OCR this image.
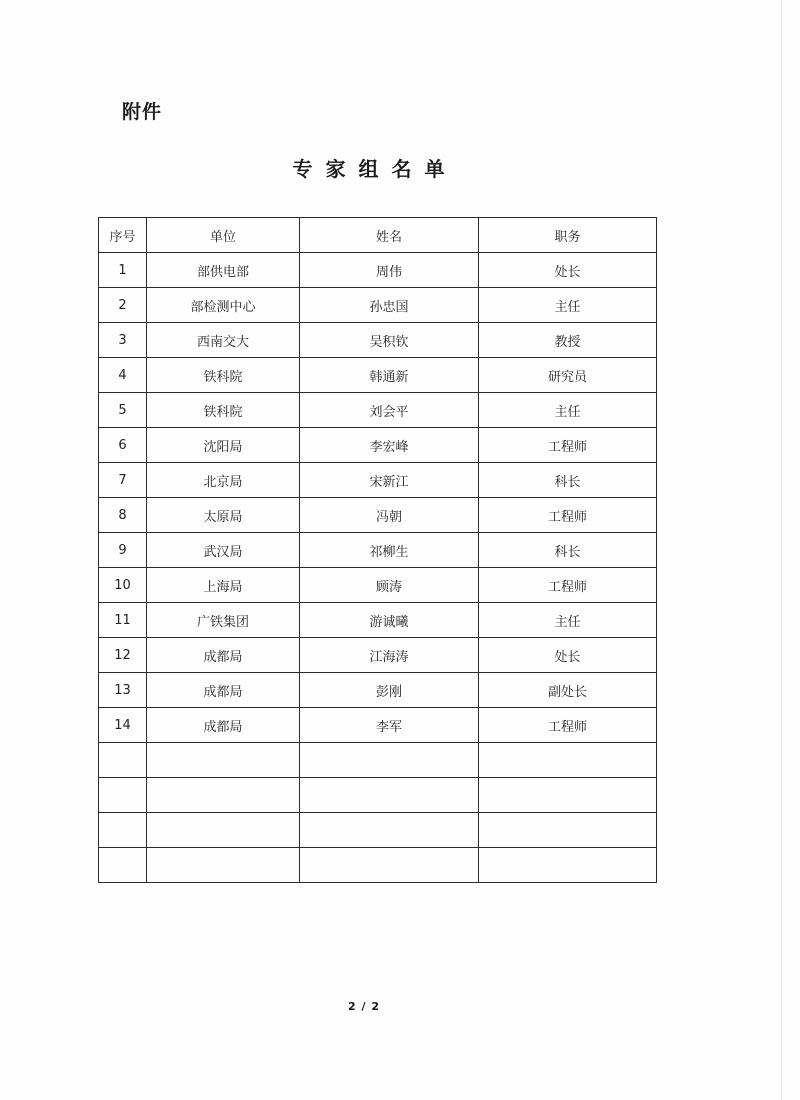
附件
专家组名单
序号	单位	姓名	职务
1	部供电部	周伟	处长
2	部检测中心	孙忠国	主任
3	西南交大	吴积钦	教授
4	铁科院	韩通新	研究员
5	铁科院	刘会平	主任
6	沈阳局	李宏峰	工程师
7	北京局	宋新江	科长
8	太原局	冯朝	工程师
9	武汉局	祁柳生	科长
10	上海局	顾涛	工程师
11	广铁集团	游诚曦	主任
12	成都局	江海涛	处长
13	成都局	彭刚	副处长
14	成都局	李军	工程师

2 / 2
